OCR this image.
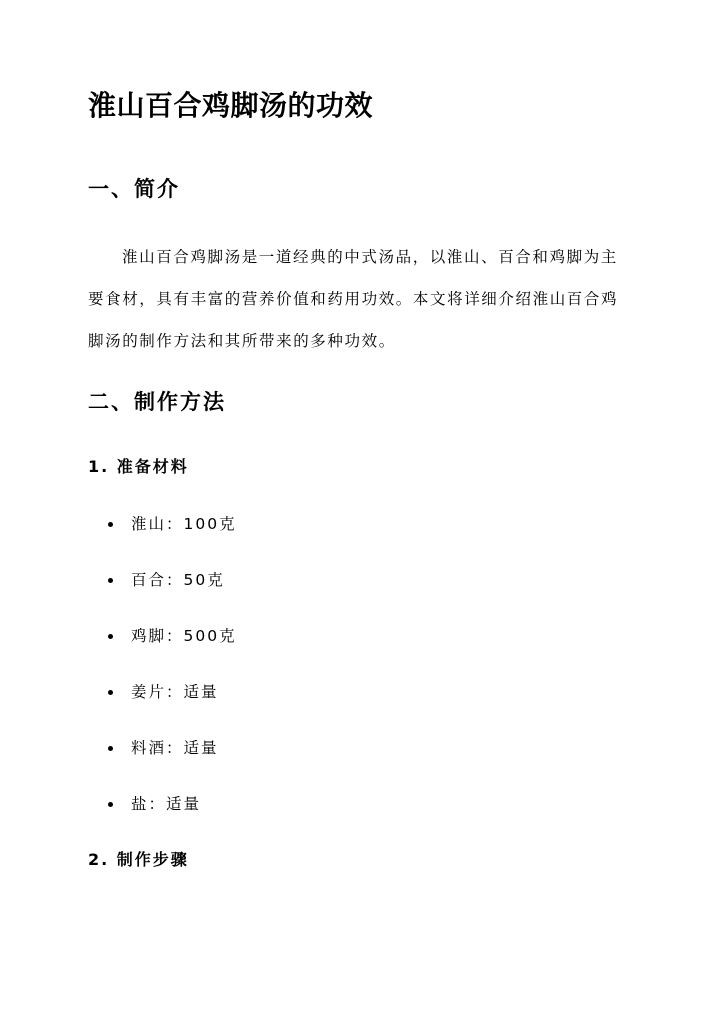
淮山百合鸡脚汤的功效
一、简介

淮山百合鸡脚汤是一道经典的中式汤品，以淮山、百合和鸡脚为主要食材，具有丰富的营养价值和药用功效。本文将详细介绍淮山百合鸡脚汤的制作方法和其所带来的多种功效。

二、制作方法
1. 准备材料
淮山：100克
百合：50克
鸡脚：500克
姜片：适量
料酒：适量
盐：适量
2. 制作步骤
